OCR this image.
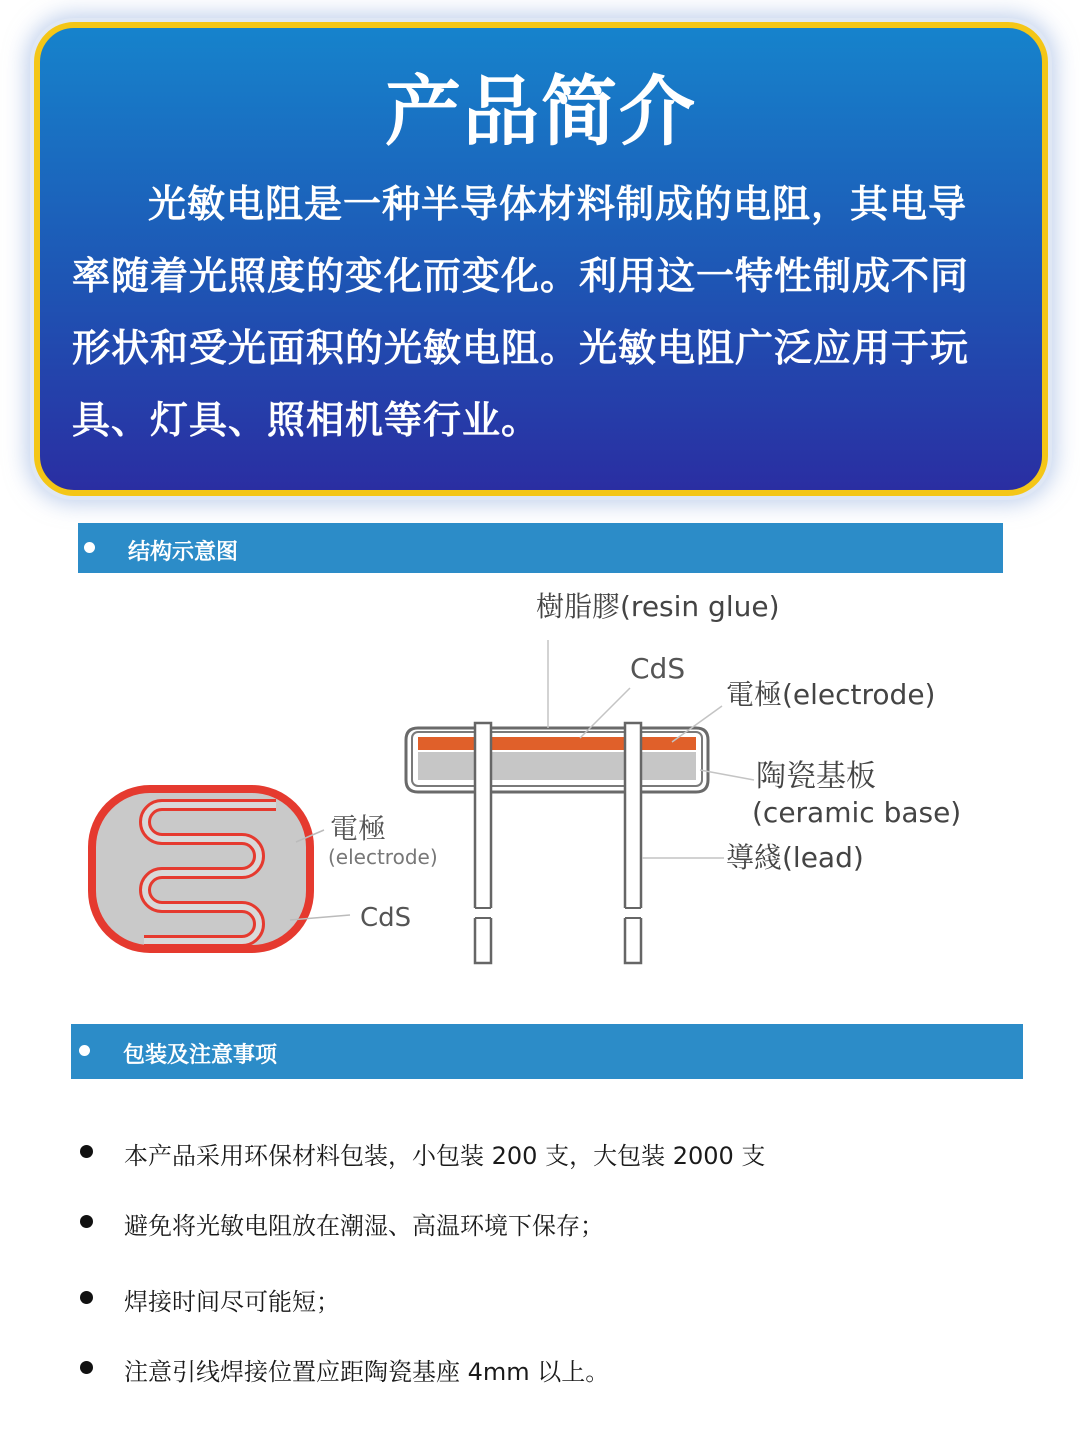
产品简介
光敏电阻是一种半导体材料制成的电阻，其电导率随着光照度的变化而变化。利用这一特性制成不同形状和受光面积的光敏电阻。光敏电阻广泛应用于玩具、灯具、照相机等行业。
结构示意图
樹脂膠(resin glue)
CdS
電極(electrode)
陶瓷基板
(ceramic base)
導綫(lead)
電極
(electrode)
CdS
包装及注意事项
本产品采用环保材料包装，小包装 200 支，大包装 2000 支
避免将光敏电阻放在潮湿、高温环境下保存；
焊接时间尽可能短；
注意引线焊接位置应距陶瓷基座 4mm 以上。
